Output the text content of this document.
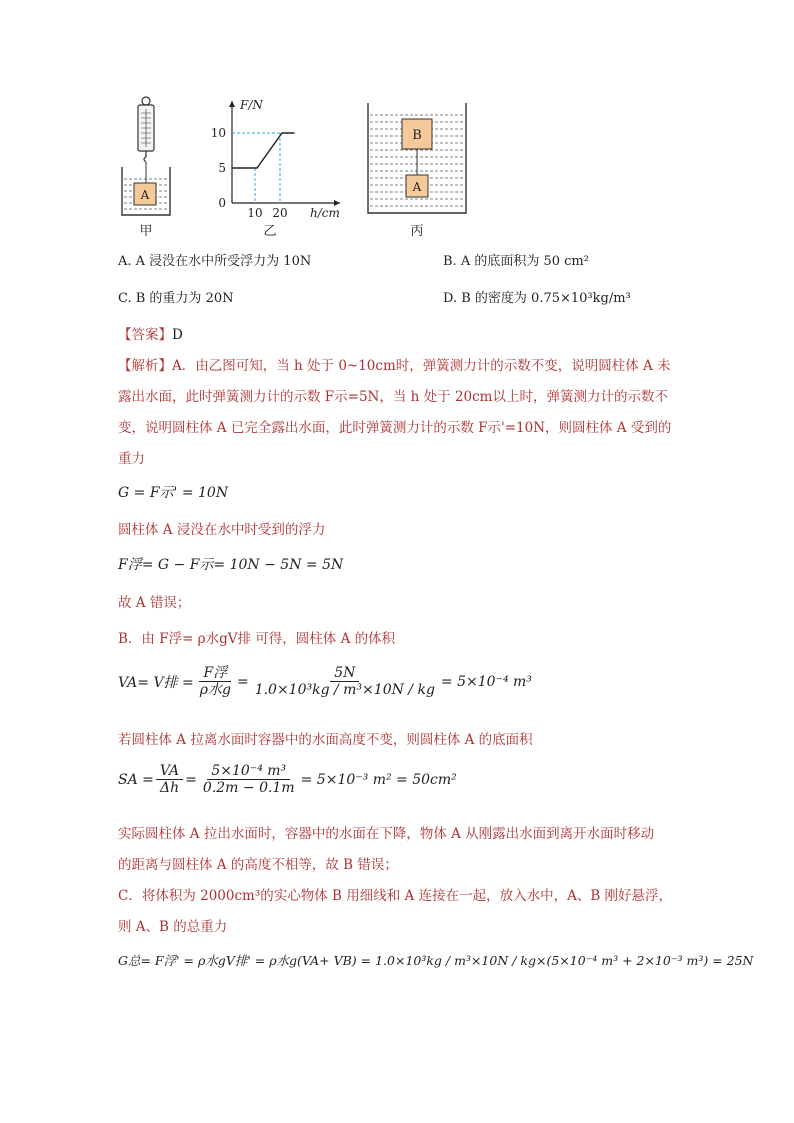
A
甲
F/N
h/cm
0
5
10
10 20
乙
B
A
丙
A. A 浸没在水中所受浮力为 10N	B. A 的底面积为 50 cm²
C. B 的重力为 20N	D. B 的密度为 0.75×10³kg/m³
【答案】D
【解析】A．由乙图可知，当 h 处于 0~10cm时，弹簧测力计的示数不变，说明圆柱体 A 未
露出水面，此时弹簧测力计的示数 F示=5N，当 h 处于 20cm以上时，弹簧测力计的示数不
变，说明圆柱体 A 已完全露出水面，此时弹簧测力计的示数 F示'=10N，则圆柱体 A 受到的
重力
G = F示' = 10N
圆柱体 A 浸没在水中时受到的浮力
F浮= G − F示= 10N − 5N = 5N
故 A 错误；
B．由 F浮= ρ水gV排 可得，圆柱体 A 的体积
VA= V排 = $\frac{\text{F浮}}{\text{ρ水g}} = \frac{5N}{\text{1.0×10³kg / m³×10N / kg}} = 5\times 10^{-4}$ m³
若圆柱体 A 拉离水面时容器中的水面高度不变，则圆柱体 A 的底面积
SA = $\frac{VA}{\Delta h} = \frac{\text{5×10⁻⁴ m³}}{0.2m - 0.1m} = 5\times 10^{-3}$ m² = 50cm²
实际圆柱体 A 拉出水面时，容器中的水面在下降，物体 A 从刚露出水面到离开水面时移动
的距离与圆柱体 A 的高度不相等，故 B 错误；
C．将体积为 2000cm³的实心物体 B 用细线和 A 连接在一起，放入水中，A、B 刚好悬浮，
则 A、B 的总重力
G总= F浮' = ρ水gV排' = ρ水g(VA+ VB) = 1.0×10³kg / m³×10N / kg×(5×10⁻⁴ m³ + 2×10⁻³ m³) = 25N
